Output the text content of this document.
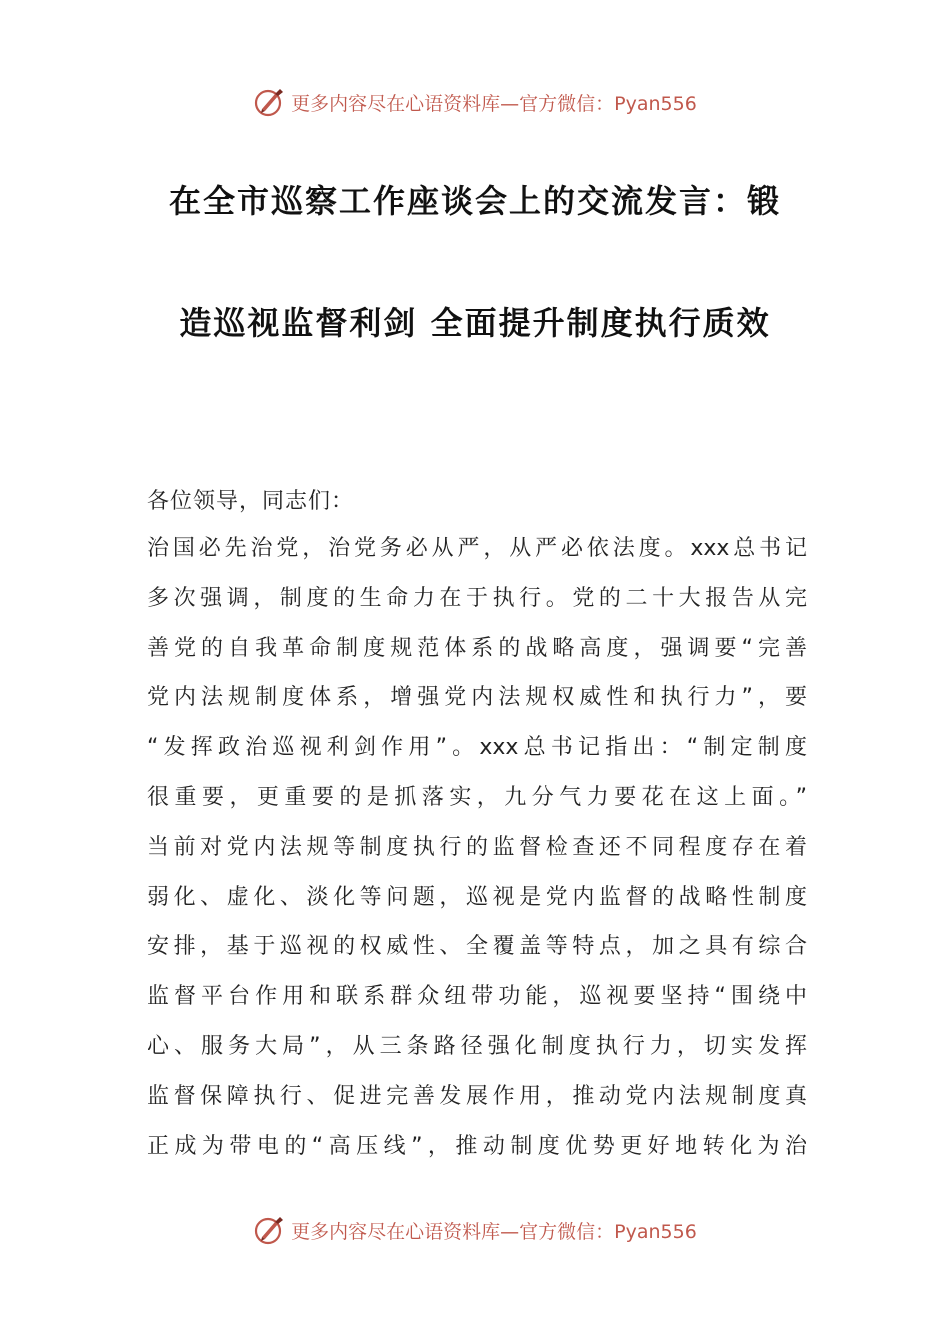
更多内容尽在心语资料库 —官方微信：Pyan556
在全市巡察工作座谈会上的交流发言：锻
造巡视监督利剑 全面提升制度执行质效
各位领导，同志们：
治国必先治党，治党务必从严，从严必依法度。xxx总书记
多次强调，制度的生命力在于执行。党的二十大报告从完
善党的自我革命制度规范体系的战略高度，强调要“完善
党内法规制度体系，增强党内法规权威性和执行力”，要
“发挥政治巡视利剑作用”。xxx总书记指出：“制定制度
很重要，更重要的是抓落实，九分气力要花在这上面。”
当前对党内法规等制度执行的监督检查还不同程度存在着
弱化、虚化、淡化等问题，巡视是党内监督的战略性制度
安排，基于巡视的权威性、全覆盖等特点，加之具有综合
监督平台作用和联系群众纽带功能，巡视要坚持“围绕中
心、服务大局”，从三条路径强化制度执行力，切实发挥
监督保障执行、促进完善发展作用，推动党内法规制度真
正成为带电的“高压线”，推动制度优势更好地转化为治
更多内容尽在心语资料库 —官方微信：Pyan556
